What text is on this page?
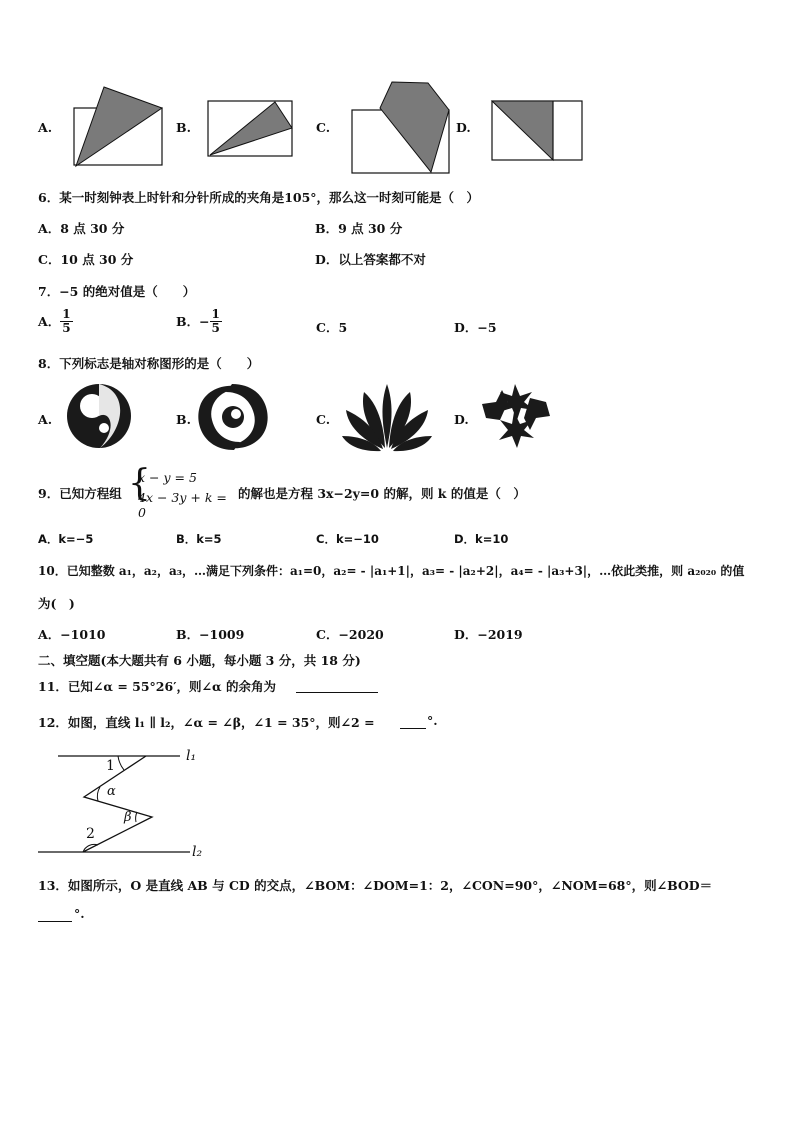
A.	B.	C.	D.
6．某一时刻钟表上时针和分针所成的夹角是105°，那么这一时刻可能是（　）
A．8 点 30 分	B．9 点 30 分
C．10 点 30 分	D．以上答案都不对
7．−5 的绝对值是（　　）
A． $\frac{1}{5}$	B．− $\frac{1}{5}$	C．5	D．−5
8．下列标志是轴对称图形的是（　　）
A.	B.	C.	D.
9．已知方程组 {
x − y = 5
4x − 3y + k = 0
的解也是方程 3x−2y=0 的解，则 k 的值是（　）
A．k=−5	B．k=5	C．k=−10	D．k=10
10．已知整数 a₁，a₂，a₃，…满足下列条件：a₁=0，a₂= - |a₁+1|，a₃= - |a₂+2|，a₄= - |a₃+3|，…依此类推，则 a₂₀₂₀ 的值
为(　)
A．−1010	B．−1009	C．−2020	D．−2019
二、填空题(本大题共有 6 小题，每小题 3 分，共 18 分)
11．已知∠α = 55°26′，则∠α 的余角为
12．如图，直线 l₁ ∥ l₂，∠α = ∠β，∠1 = 35°，则∠2 =	°.
l₁
l₂
1
α
β
2
13．如图所示，O 是直线 AB 与 CD 的交点，∠BOM：∠DOM=1：2，∠CON=90°，∠NOM=68°，则∠BOD＝
°.
